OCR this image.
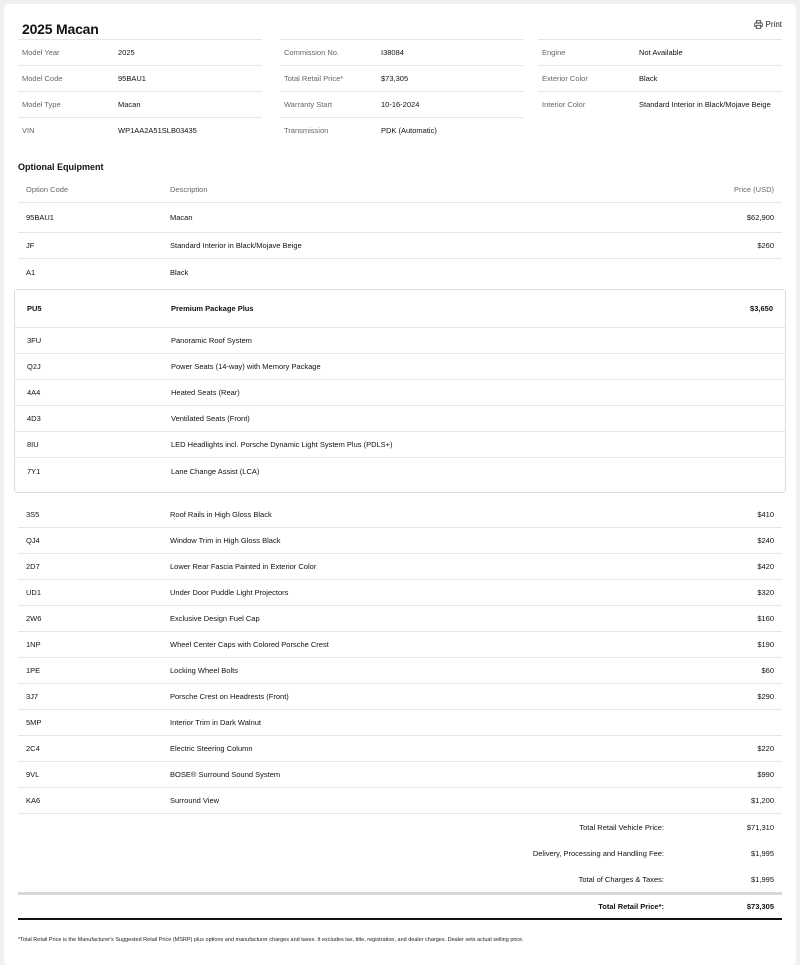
2025 Macan	Print
Model Year	2025
Model Code	95BAU1
Model Type	Macan
VIN	WP1AA2A51SLB03435
Commission No.	I38084
Total Retail Price*	$73,305
Warranty Start	10-16-2024
Transmission	PDK (Automatic)
Engine	Not Available
Exterior Color	Black
Interior Color	Standard Interior in Black/Mojave Beige
Optional Equipment
Option Code	Description	Price (USD)
95BAU1	Macan	$62,900
JF	Standard Interior in Black/Mojave Beige	$260
A1	Black
PU5	Premium Package Plus	$3,650
3FU	Panoramic Roof System
Q2J	Power Seats (14-way) with Memory Package
4A4	Heated Seats (Rear)
4D3	Ventilated Seats (Front)
8IU	LED Headlights incl. Porsche Dynamic Light System Plus (PDLS+)
7Y1	Lane Change Assist (LCA)
3S5	Roof Rails in High Gloss Black	$410
QJ4	Window Trim in High Gloss Black	$240
2D7	Lower Rear Fascia Painted in Exterior Color	$420
UD1	Under Door Puddle Light Projectors	$320
2W6	Exclusive Design Fuel Cap	$160
1NP	Wheel Center Caps with Colored Porsche Crest	$190
1PE	Locking Wheel Bolts	$60
3J7	Porsche Crest on Headrests (Front)	$290
5MP	Interior Trim in Dark Walnut
2C4	Electric Steering Column	$220
9VL	BOSE® Surround Sound System	$990
KA6	Surround View	$1,200
Total Retail Vehicle Price:	$71,310
Delivery, Processing and Handling Fee:	$1,995
Total of Charges & Taxes:	$1,995
Total Retail Price*:	$73,305
*Total Retail Price is the Manufacturer's Suggested Retail Price (MSRP) plus options and manufacturer charges and taxes. It excludes tax, title, registration, and dealer charges. Dealer sets actual selling price.
